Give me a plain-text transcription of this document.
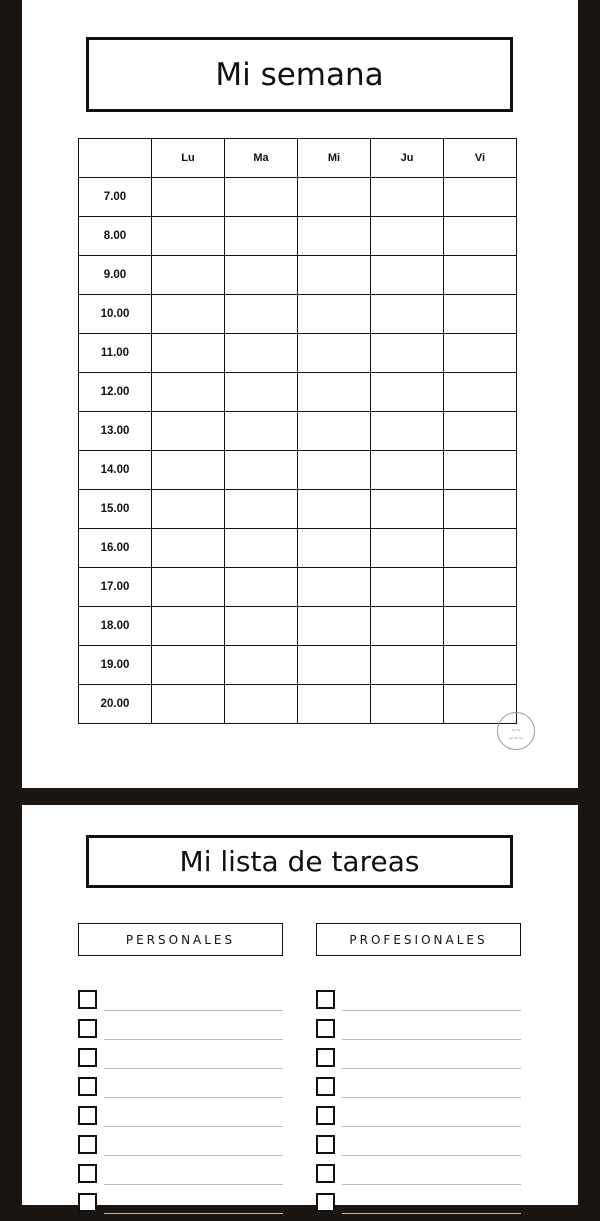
Mi semana
	Lu	Ma	Mi	Ju	Vi
7.00					
8.00					
9.00					
10.00					
11.00					
12.00					
13.00					
14.00					
15.00					
16.00					
17.00					
18.00					
19.00					
20.00					
~
~~
~~~
Mi lista de tareas
PERSONALES	PROFESIONALES
